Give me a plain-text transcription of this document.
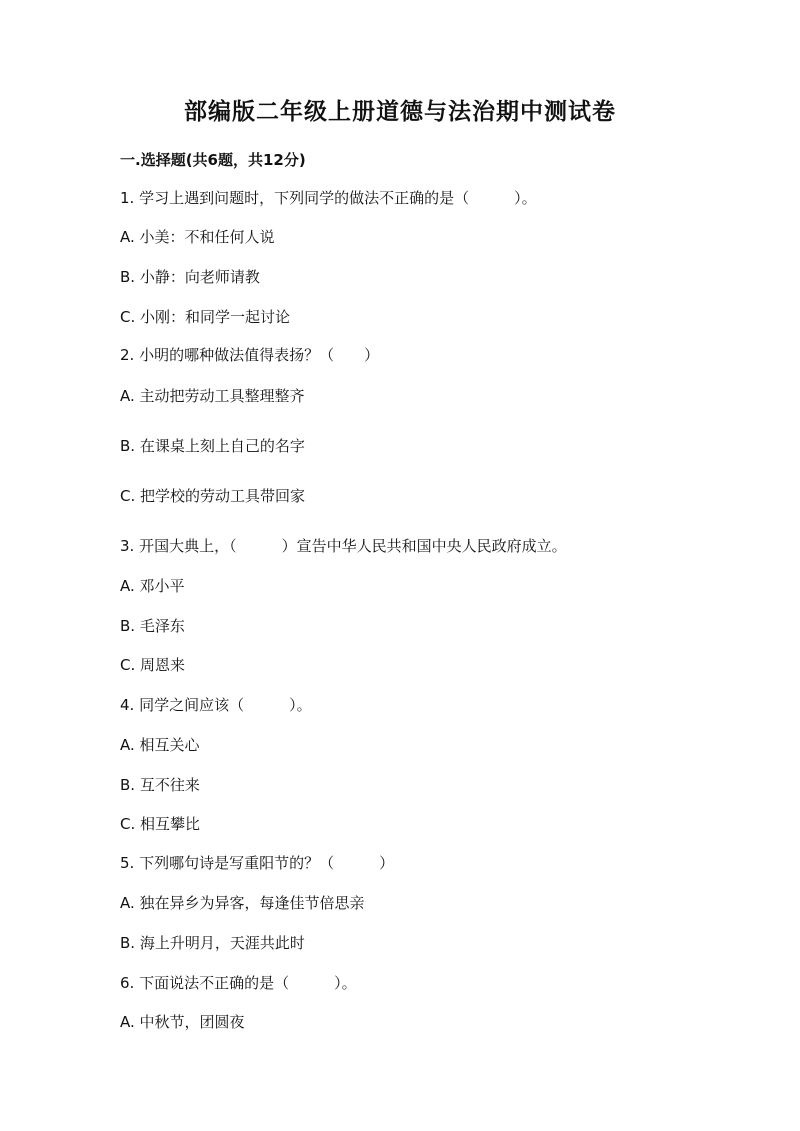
部编版二年级上册道德与法治期中测试卷
一.选择题(共6题，共12分)
1. 学习上遇到问题时，下列同学的做法不正确的是（　　　）。
A. 小美：不和任何人说
B. 小静：向老师请教
C. 小刚：和同学一起讨论
2. 小明的哪种做法值得表扬？（　　）
A. 主动把劳动工具整理整齐
B. 在课桌上刻上自己的名字
C. 把学校的劳动工具带回家
3. 开国大典上，（　　　）宣告中华人民共和国中央人民政府成立。
A. 邓小平
B. 毛泽东
C. 周恩来
4. 同学之间应该（　　　）。
A. 相互关心
B. 互不往来
C. 相互攀比
5. 下列哪句诗是写重阳节的？（　　　）
A. 独在异乡为异客，每逢佳节倍思亲
B. 海上升明月，天涯共此时
6. 下面说法不正确的是（　　　）。
A. 中秋节，团圆夜
